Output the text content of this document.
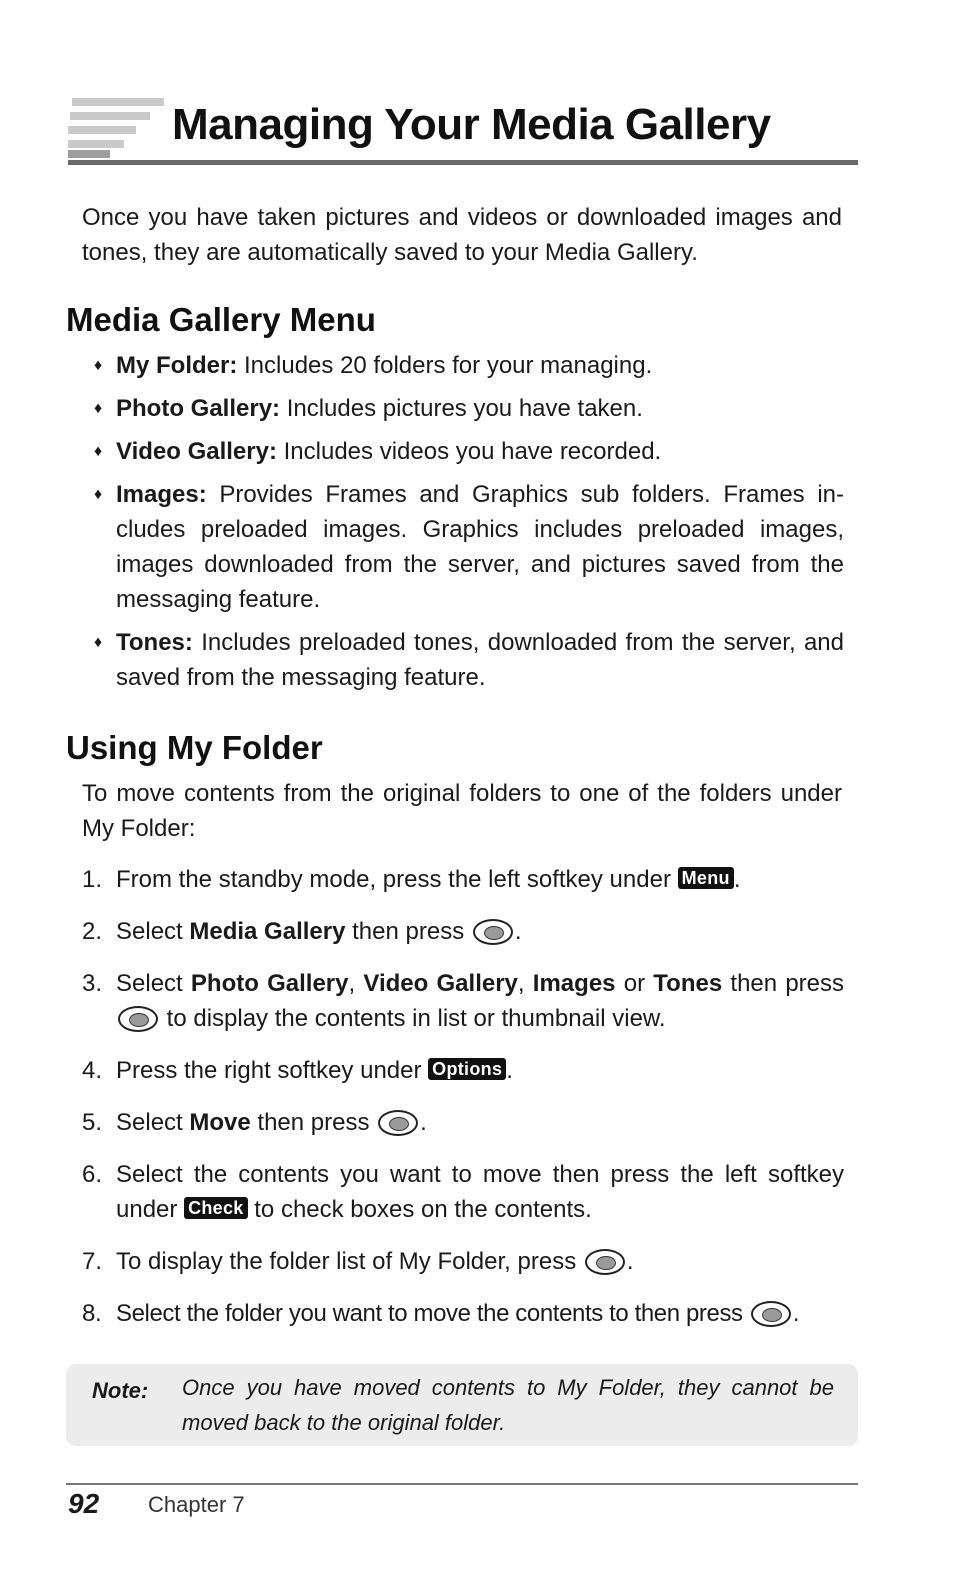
Managing Your Media Gallery

Once you have taken pictures and videos or downloaded images and tones, they are automatically saved to your Media Gallery.

Media Gallery Menu
♦ My Folder: Includes 20 folders for your managing.
♦ Photo Gallery: Includes pictures you have taken.
♦ Video Gallery: Includes videos you have recorded.
♦ Images: Provides Frames and Graphics sub folders. Frames includes preloaded images. Graphics includes preloaded images, images downloaded from the server, and pictures saved from the messaging feature.
♦ Tones: Includes preloaded tones, downloaded from the server, and saved from the messaging feature.
Using My Folder

To move contents from the original folders to one of the folders under My Folder:

1. From the standby mode, press the left softkey under Menu .
2. Select Media Gallery then press .
3. Select Photo Gallery, Video Gallery, Images or Tones then press  to display the contents in list or thumbnail view.
4. Press the right softkey under Options .
5. Select Move then press .
6. Select the contents you want to move then press the left softkey under Check to check boxes on the contents.
7. To display the folder list of My Folder, press .
8. Select the folder you want to move the contents to then press .
Note: Once you have moved contents to My Folder, they cannot be moved back to the original folder.

92 Chapter 7
